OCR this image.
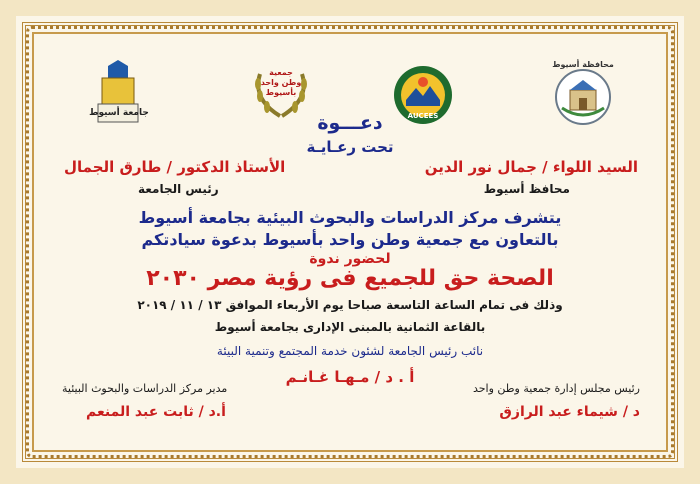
محافظة أسيوط
AUCEES
جمعية
وطن واحد
بأسيوط
جامعة أسيوط	دعـــوة
تحت رعـايـة
السيد اللواء / جمال نور الدين
محافظ أسيوط
الأستاذ الدكتور / طارق الجمال
رئيس الجامعة
يتشرف مركز الدراسات والبحوث البيئية بجامعة أسيوط
بالتعاون مع جمعية وطن واحد بأسيوط بدعوة سيادتكم
لحضور ندوة
الصحة حق للجميع فى رؤية مصر ٢٠٣٠
وذلك فى تمام الساعة التاسعة صباحا يوم الأربعاء الموافق ١٣ / ١١ / ٢٠١٩
بالقاعة الثمانية بالمبنى الإدارى بجامعة أسيوط
نائب رئيس الجامعة لشئون خدمة المجتمع وتنمية البيئة
أ . د / مـهـا غـانـم
رئيس مجلس إدارة جمعية وطن واحد
د / شيماء عبد الرازق
مدير مركز الدراسات والبحوث البيئية
أ.د / ثابت عبد المنعم
